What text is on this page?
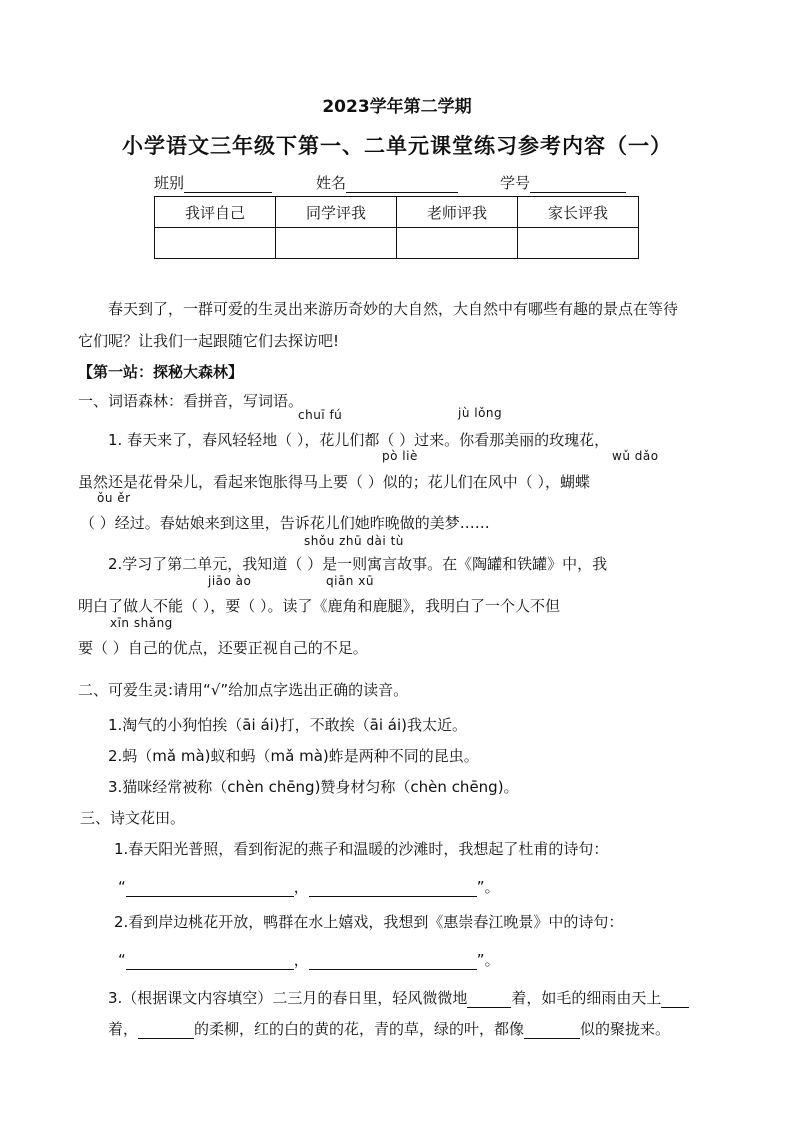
2023学年第二学期
小学语文三年级下第一、二单元课堂练习参考内容（一）
班别	姓名	学号
我评自己	同学评我	老师评我	家长评我

春天到了，一群可爱的生灵出来游历奇妙的大自然，大自然中有哪些有趣的景点在等待
它们呢？让我们一起跟随它们去探访吧!
【第一站：探秘大森林】
一、词语森林：看拼音，写词语。
chuī fú	jù lǒng
1. 春天来了，春风轻轻地（ ），花儿们都（ ）过来。你看那美丽的玫瑰花，
pò liè	wǔ dǎo
虽然还是花骨朵儿，看起来饱胀得马上要（ ）似的；花儿们在风中（ ），蝴蝶
ǒu ěr
（ ）经过。春姑娘来到这里，告诉花儿们她昨晚做的美梦……
shǒu zhū dài tù
2.学习了第二单元，我知道（ ）是一则寓言故事。在《陶罐和铁罐》中，我
jiāo ào	qiān xū
明白了做人不能（ ），要（ ）。读了《鹿角和鹿腿》，我明白了一个人不但
xīn shǎng
要（ ）自己的优点，还要正视自己的不足。
二、可爱生灵:请用“√”给加点字选出正确的读音。
1.淘气的小狗怕挨（āi ái)打，不敢挨（āi ái)我太近。
2.蚂（mǎ mà)蚁和蚂（mǎ mà)蚱是两种不同的昆虫。
3.猫咪经常被称（chèn chēng)赞身材匀称（chèn chēng)。
三、诗文花田。
1.春天阳光普照，看到衔泥的燕子和温暖的沙滩时，我想起了杜甫的诗句：
“	，	”。
2.看到岸边桃花开放，鸭群在水上嬉戏，我想到《惠崇春江晚景》中的诗句：
“	，	”。
3.（根据课文内容填空）二三月的春日里，轻风微微地	着，如毛的细雨由天上
着，	的柔柳，红的白的黄的花，青的草，绿的叶，都像	似的聚拢来。
